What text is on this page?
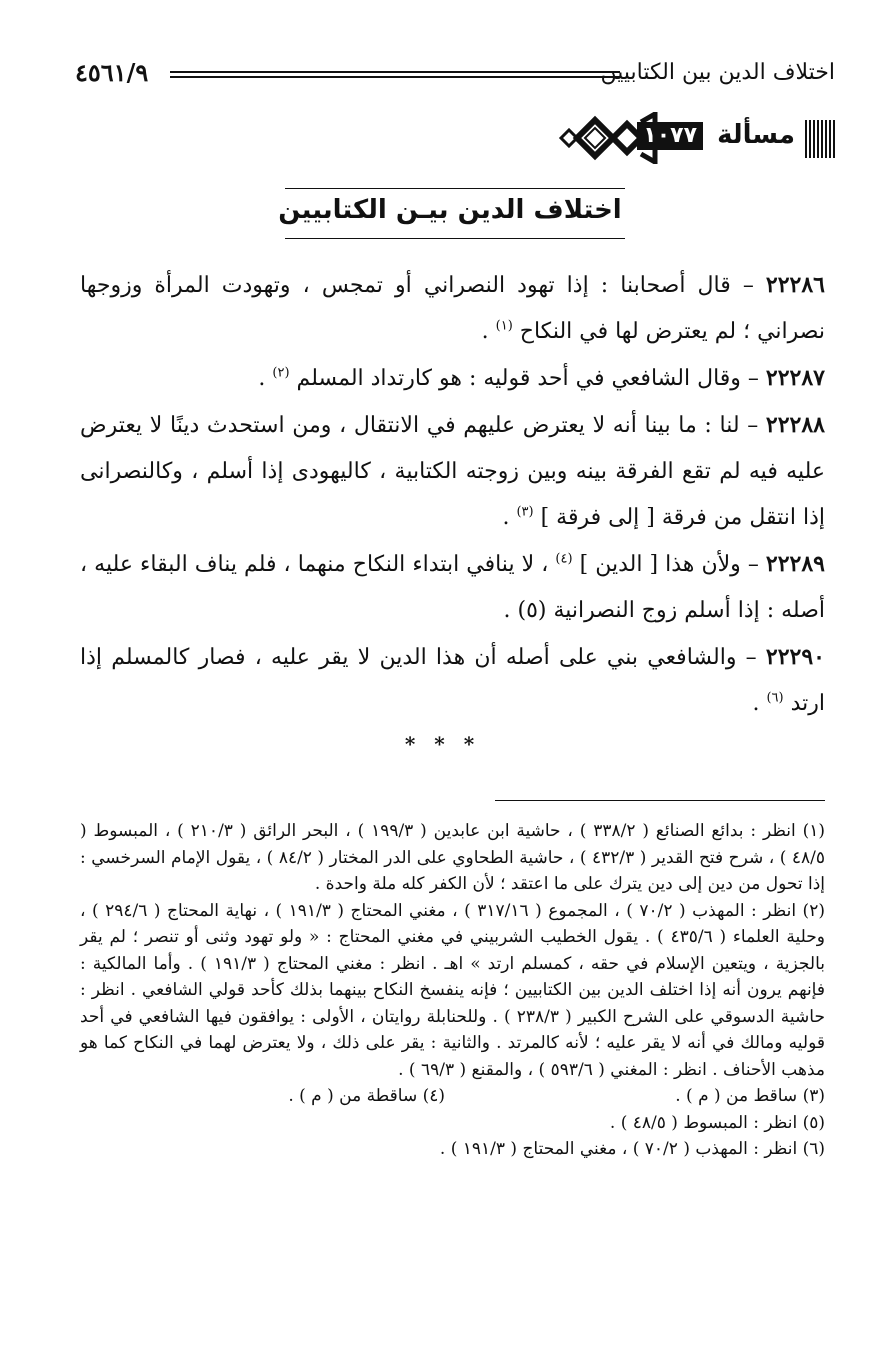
اختلاف الدين بين الكتابيين
٤٥٦١/٩
مسألة
١٠٧٧
اختلاف الدين بيـن الكتابيين

٢٢٢٨٦ – قال أصحابنا : إذا تهود النصراني أو تمجس ، وتهودت المرأة وزوجها نصراني ؛ لم يعترض لها في النكاح $^{(١)}$ .

٢٢٢٨٧ – وقال الشافعي في أحد قوليه : هو كارتداد المسلم $^{(٢)}$ .

٢٢٢٨٨ – لنا : ما بينا أنه لا يعترض عليهم في الانتقال ، ومن استحدث دينًا لا يعترض عليه فيه لم تقع الفرقة بينه وبين زوجته الكتابية ، كاليهودى إذا أسلم ، وكالنصرانى إذا انتقل من فرقة [ إلى فرقة ] $^{(٣)}$ .

٢٢٢٨٩ – ولأن هذا [ الدين ] $^{(٤)}$ ، لا ينافي ابتداء النكاح منهما ، فلم يناف البقاء عليه ، أصله : إذا أسلم زوج النصرانية (٥) .

٢٢٢٩٠ – والشافعي بني على أصله أن هذا الدين لا يقر عليه ، فصار كالمسلم إذا ارتد $^{(٦)}$ .

* * *

(١) انظر : بدائع الصنائع ( ٣٣٨/٢ ) ، حاشية ابن عابدين ( ١٩٩/٣ ) ، البحر الرائق ( ٢١٠/٣ ) ، المبسوط ( ٤٨/٥ ) ، شرح فتح القدير ( ٤٣٢/٣ ) ، حاشية الطحاوي على الدر المختار ( ٨٤/٢ ) ، يقول الإمام السرخسي : إذا تحول من دين إلى دين يترك على ما اعتقد ؛ لأن الكفر كله ملة واحدة .

(٢) انظر : المهذب ( ٧٠/٢ ) ، المجموع ( ٣١٧/١٦ ) ، مغني المحتاج ( ١٩١/٣ ) ، نهاية المحتاج ( ٢٩٤/٦ ) ، وحلية العلماء ( ٤٣٥/٦ ) . يقول الخطيب الشربيني في مغني المحتاج : « ولو تهود وثنى أو تنصر ؛ لم يقر بالجزية ، ويتعين الإسلام في حقه ، كمسلم ارتد » اهـ . انظر : مغني المحتاج ( ١٩١/٣ ) . وأما المالكية : فإنهم يرون أنه إذا اختلف الدين بين الكتابيين ؛ فإنه ينفسخ النكاح بينهما بذلك كأحد قولي الشافعي . انظر : حاشية الدسوقي على الشرح الكبير ( ٢٣٨/٣ ) . وللحنابلة روايتان ، الأولى : يوافقون فيها الشافعي في أحد قوليه ومالك في أنه لا يقر عليه ؛ لأنه كالمرتد . والثانية : يقر على ذلك ، ولا يعترض لهما في النكاح كما هو مذهب الأحناف . انظر : المغني ( ٥٩٣/٦ ) ، والمقنع ( ٦٩/٣ ) .

(٣) ساقط من ( م ) .
(٤) ساقطة من ( م ) .

(٥) انظر : المبسوط ( ٤٨/٥ ) .

(٦) انظر : المهذب ( ٧٠/٢ ) ، مغني المحتاج ( ١٩١/٣ ) .
